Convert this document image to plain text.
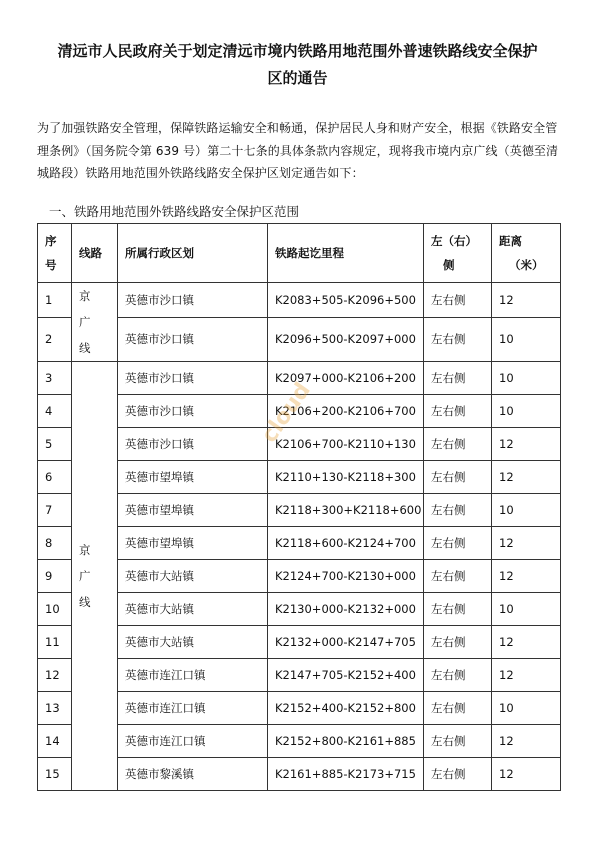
清远市人民政府关于划定清远市境内铁路用地范围外普速铁路线安全保护
区的通告
为了加强铁路安全管理，保障铁路运输安全和畅通，保护居民人身和财产安全，根据《铁路安全管理条例》（国务院令第 639 号）第二十七条的具体条款内容规定，现将我市境内京广线（英德至清城路段）铁路用地范围外铁路线路安全保护区划定通告如下：
一、铁路用地范围外铁路线路安全保护区范围
序
号	线路	所属行政区划	铁路起讫里程	左（右）
侧	距离
（米）

1	京
广
线	英德市沙口镇	K2083+505-K2096+500	左右侧	12
2		英德市沙口镇	K2096+500-K2097+000	左右侧	10
3	京
广
线	英德市沙口镇	K2097+000-K2106+200	左右侧	10
4		英德市沙口镇	K2106+200-K2106+700	左右侧	10
5		英德市沙口镇	K2106+700-K2110+130	左右侧	12
6		英德市望埠镇	K2110+130-K2118+300	左右侧	12
7		英德市望埠镇	K2118+300+K2118+600	左右侧	10
8		英德市望埠镇	K2118+600-K2124+700	左右侧	12
9		英德市大站镇	K2124+700-K2130+000	左右侧	12
10		英德市大站镇	K2130+000-K2132+000	左右侧	10
11		英德市大站镇	K2132+000-K2147+705	左右侧	12
12		英德市连江口镇	K2147+705-K2152+400	左右侧	12
13		英德市连江口镇	K2152+400-K2152+800	左右侧	10
14		英德市连江口镇	K2152+800-K2161+885	左右侧	12
15		英德市黎溪镇	K2161+885-K2173+715	左右侧	12
cloud
